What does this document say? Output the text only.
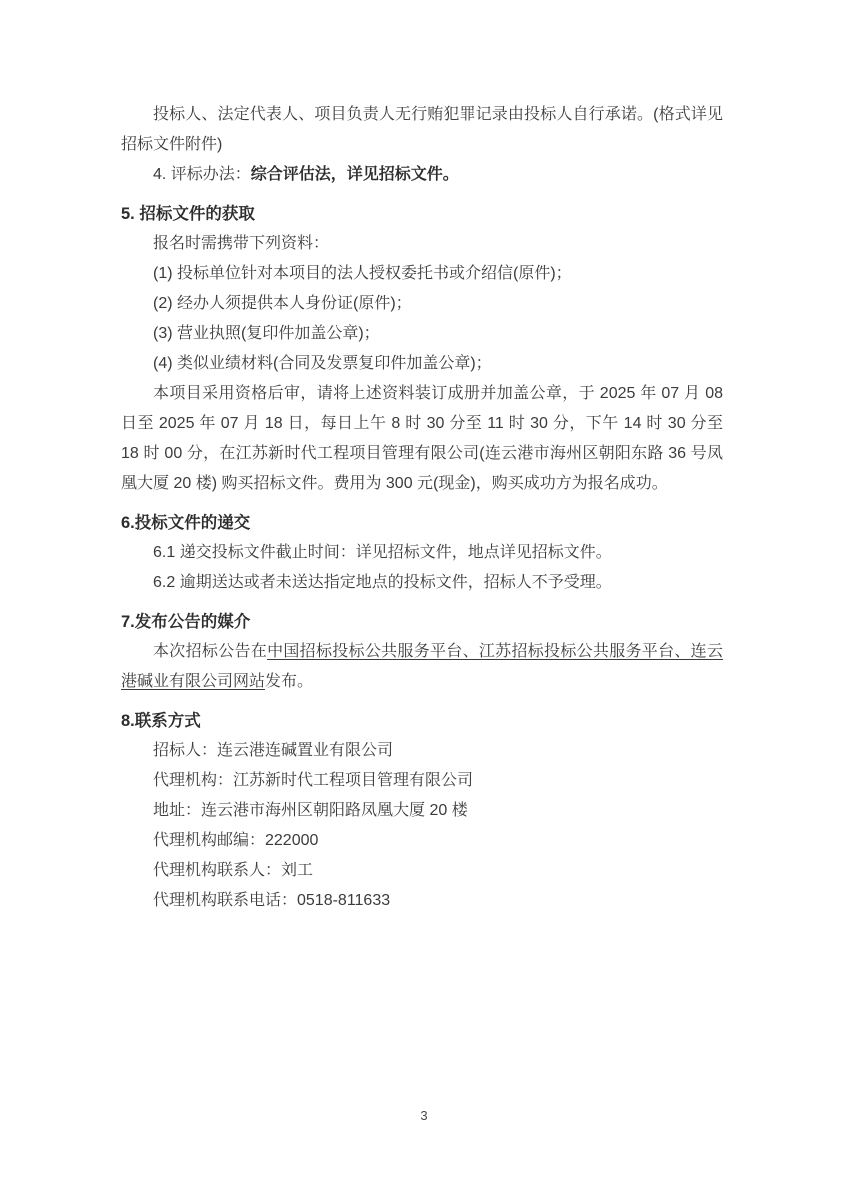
投标人、法定代表人、项目负责人无行贿犯罪记录由投标人自行承诺。(格式详见招标文件附件)

4. 评标办法：综合评估法，详见招标文件。

5. 招标文件的获取

报名时需携带下列资料：

(1) 投标单位针对本项目的法人授权委托书或介绍信(原件)；

(2) 经办人须提供本人身份证(原件)；

(3) 营业执照(复印件加盖公章)；

(4) 类似业绩材料(合同及发票复印件加盖公章)；

本项目采用资格后审，请将上述资料装订成册并加盖公章，于 2025 年 07 月 08 日至 2025 年 07 月 18 日，每日上午 8 时 30 分至 11 时 30 分，下午 14 时 30 分至 18 时 00 分，在江苏新时代工程项目管理有限公司(连云港市海州区朝阳东路 36 号凤凰大厦 20 楼) 购买招标文件。费用为 300 元(现金)，购买成功方为报名成功。

6.投标文件的递交

6.1 递交投标文件截止时间：详见招标文件，地点详见招标文件。

6.2 逾期送达或者未送达指定地点的投标文件，招标人不予受理。

7.发布公告的媒介

本次招标公告在中国招标投标公共服务平台、江苏招标投标公共服务平台、连云港碱业有限公司网站发布。

8.联系方式

招标人：连云港连碱置业有限公司

代理机构：江苏新时代工程项目管理有限公司

地址：连云港市海州区朝阳路凤凰大厦 20 楼

代理机构邮编：222000

代理机构联系人：刘工

代理机构联系电话：0518-811633

3
